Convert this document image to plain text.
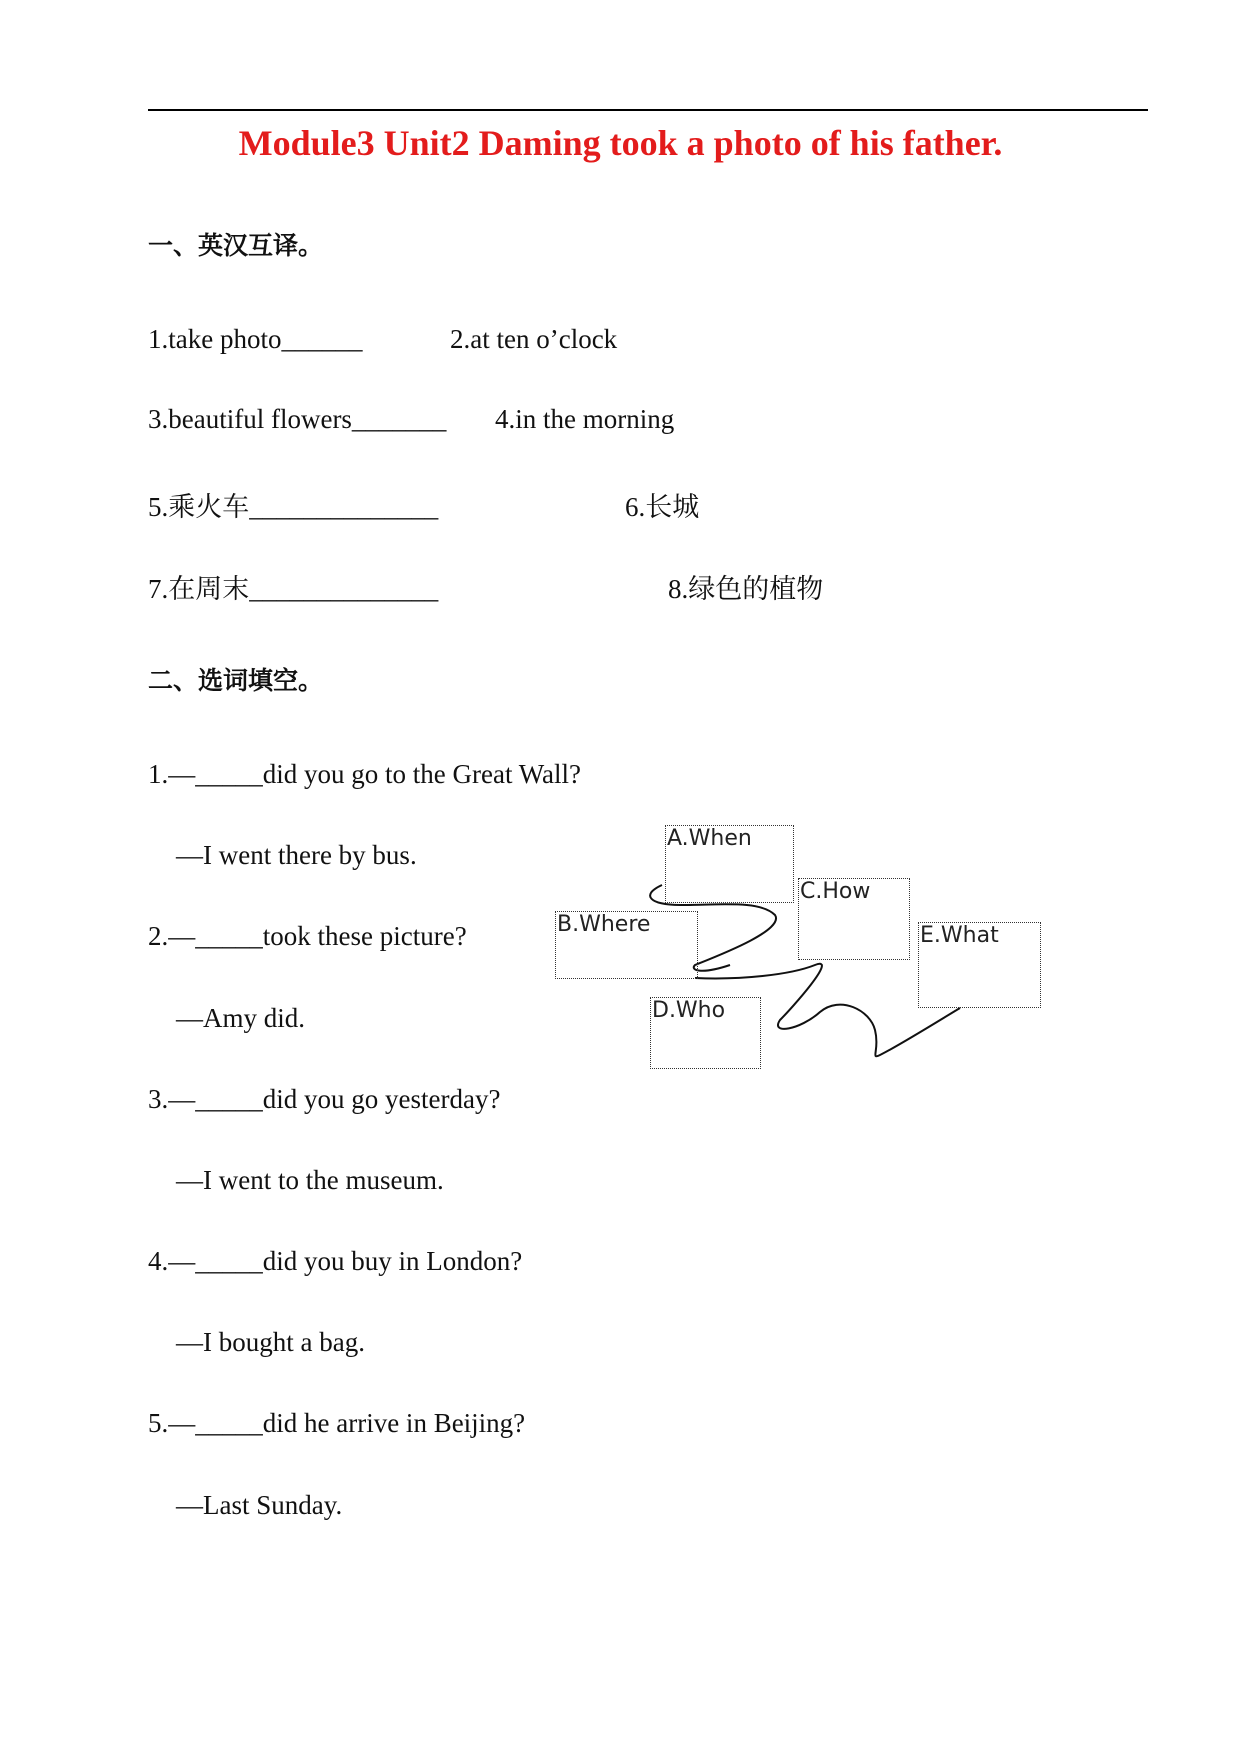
Module3 Unit2 Daming took a photo of his father.
一、英汉互译。
1.take photo______	2.at ten o’clock
3.beautiful flowers_______ 4.in the morning
5.乘火车______________	6.长城
7.在周末______________	8.绿色的植物
二、选词填空。
1.—_____did you go to the Great Wall?
—I went there by bus.
2.—_____took these picture?
—Amy did.
3.—_____did you go yesterday?
—I went to the museum.
4.—_____did you buy in London?
—I bought a bag.
5.—_____did he arrive in Beijing?
—Last Sunday.
A.When
B.Where
C.How
D.Who
E.What
